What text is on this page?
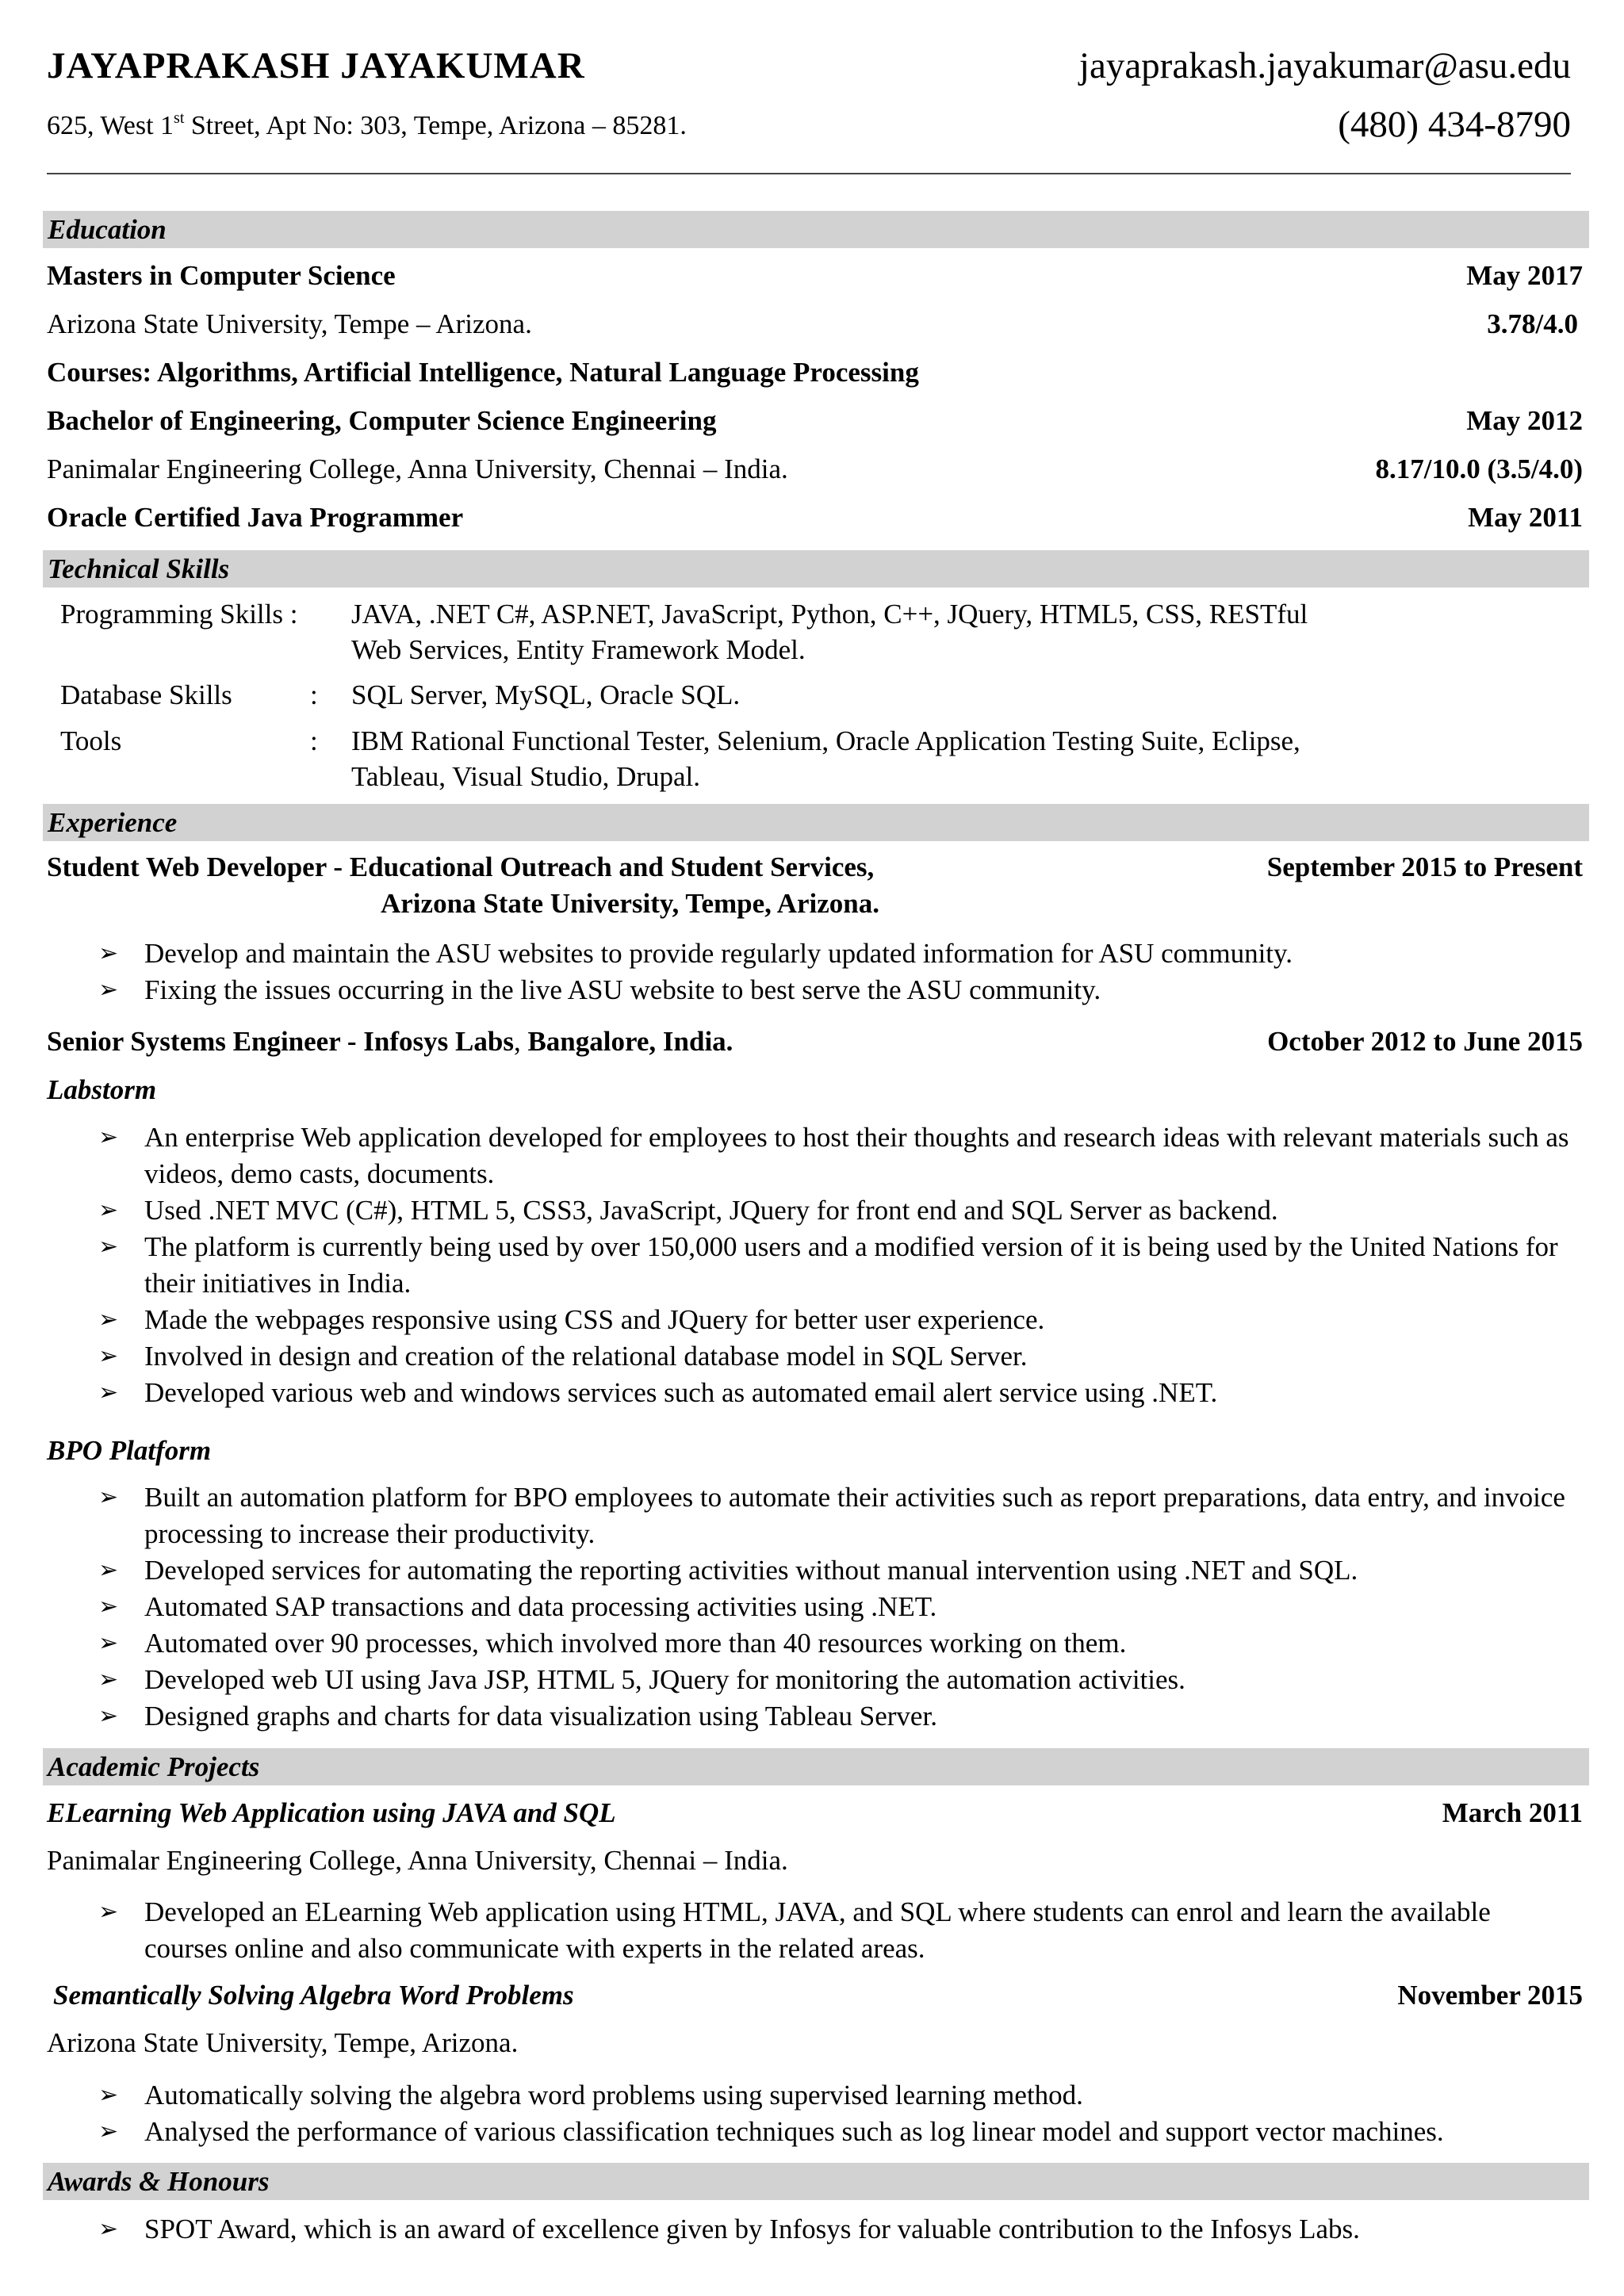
JAYAPRAKASH JAYAKUMAR	jayaprakash.jayakumar@asu.edu
625, West 1st Street, Apt No: 303, Tempe, Arizona – 85281.	(480) 434-8790
Education
Masters in Computer Science	May 2017
Arizona State University, Tempe – Arizona.	3.78/4.0
Courses: Algorithms, Artificial Intelligence, Natural Language Processing
Bachelor of Engineering, Computer Science Engineering	May 2012
Panimalar Engineering College, Anna University, Chennai – India.	8.17/10.0 (3.5/4.0)
Oracle Certified Java Programmer	May 2011
Technical Skills
Programming Skills : JAVA, .NET C#, ASP.NET, JavaScript, Python, C++, JQuery, HTML5, CSS, RESTful
Web Services, Entity Framework Model.
Database Skills	: SQL Server, MySQL, Oracle SQL.
Tools	: IBM Rational Functional Tester, Selenium, Oracle Application Testing Suite, Eclipse,
Tableau, Visual Studio, Drupal.
Experience
Student Web Developer - Educational Outreach and Student Services,	September 2015 to Present
Arizona State University, Tempe, Arizona.
➢ Develop and maintain the ASU websites to provide regularly updated information for ASU community.
➢ Fixing the issues occurring in the live ASU website to best serve the ASU community.
Senior Systems Engineer - Infosys Labs, Bangalore, India.	October 2012 to June 2015
Labstorm
➢ An enterprise Web application developed for employees to host their thoughts and research ideas with relevant materials such as videos, demo casts, documents.
➢ Used .NET MVC (C#), HTML 5, CSS3, JavaScript, JQuery for front end and SQL Server as backend.
➢ The platform is currently being used by over 150,000 users and a modified version of it is being used by the United Nations for their initiatives in India.
➢ Made the webpages responsive using CSS and JQuery for better user experience.
➢ Involved in design and creation of the relational database model in SQL Server.
➢ Developed various web and windows services such as automated email alert service using .NET.
BPO Platform
➢ Built an automation platform for BPO employees to automate their activities such as report preparations, data entry, and invoice processing to increase their productivity.
➢ Developed services for automating the reporting activities without manual intervention using .NET and SQL.
➢ Automated SAP transactions and data processing activities using .NET.
➢ Automated over 90 processes, which involved more than 40 resources working on them.
➢ Developed web UI using Java JSP, HTML 5, JQuery for monitoring the automation activities.
➢ Designed graphs and charts for data visualization using Tableau Server.
Academic Projects
ELearning Web Application using JAVA and SQL	March 2011
Panimalar Engineering College, Anna University, Chennai – India.
➢ Developed an ELearning Web application using HTML, JAVA, and SQL where students can enrol and learn the available courses online and also communicate with experts in the related areas.
Semantically Solving Algebra Word Problems	November 2015
Arizona State University, Tempe, Arizona.
➢ Automatically solving the algebra word problems using supervised learning method.
➢ Analysed the performance of various classification techniques such as log linear model and support vector machines.
Awards & Honours
➢ SPOT Award, which is an award of excellence given by Infosys for valuable contribution to the Infosys Labs.
